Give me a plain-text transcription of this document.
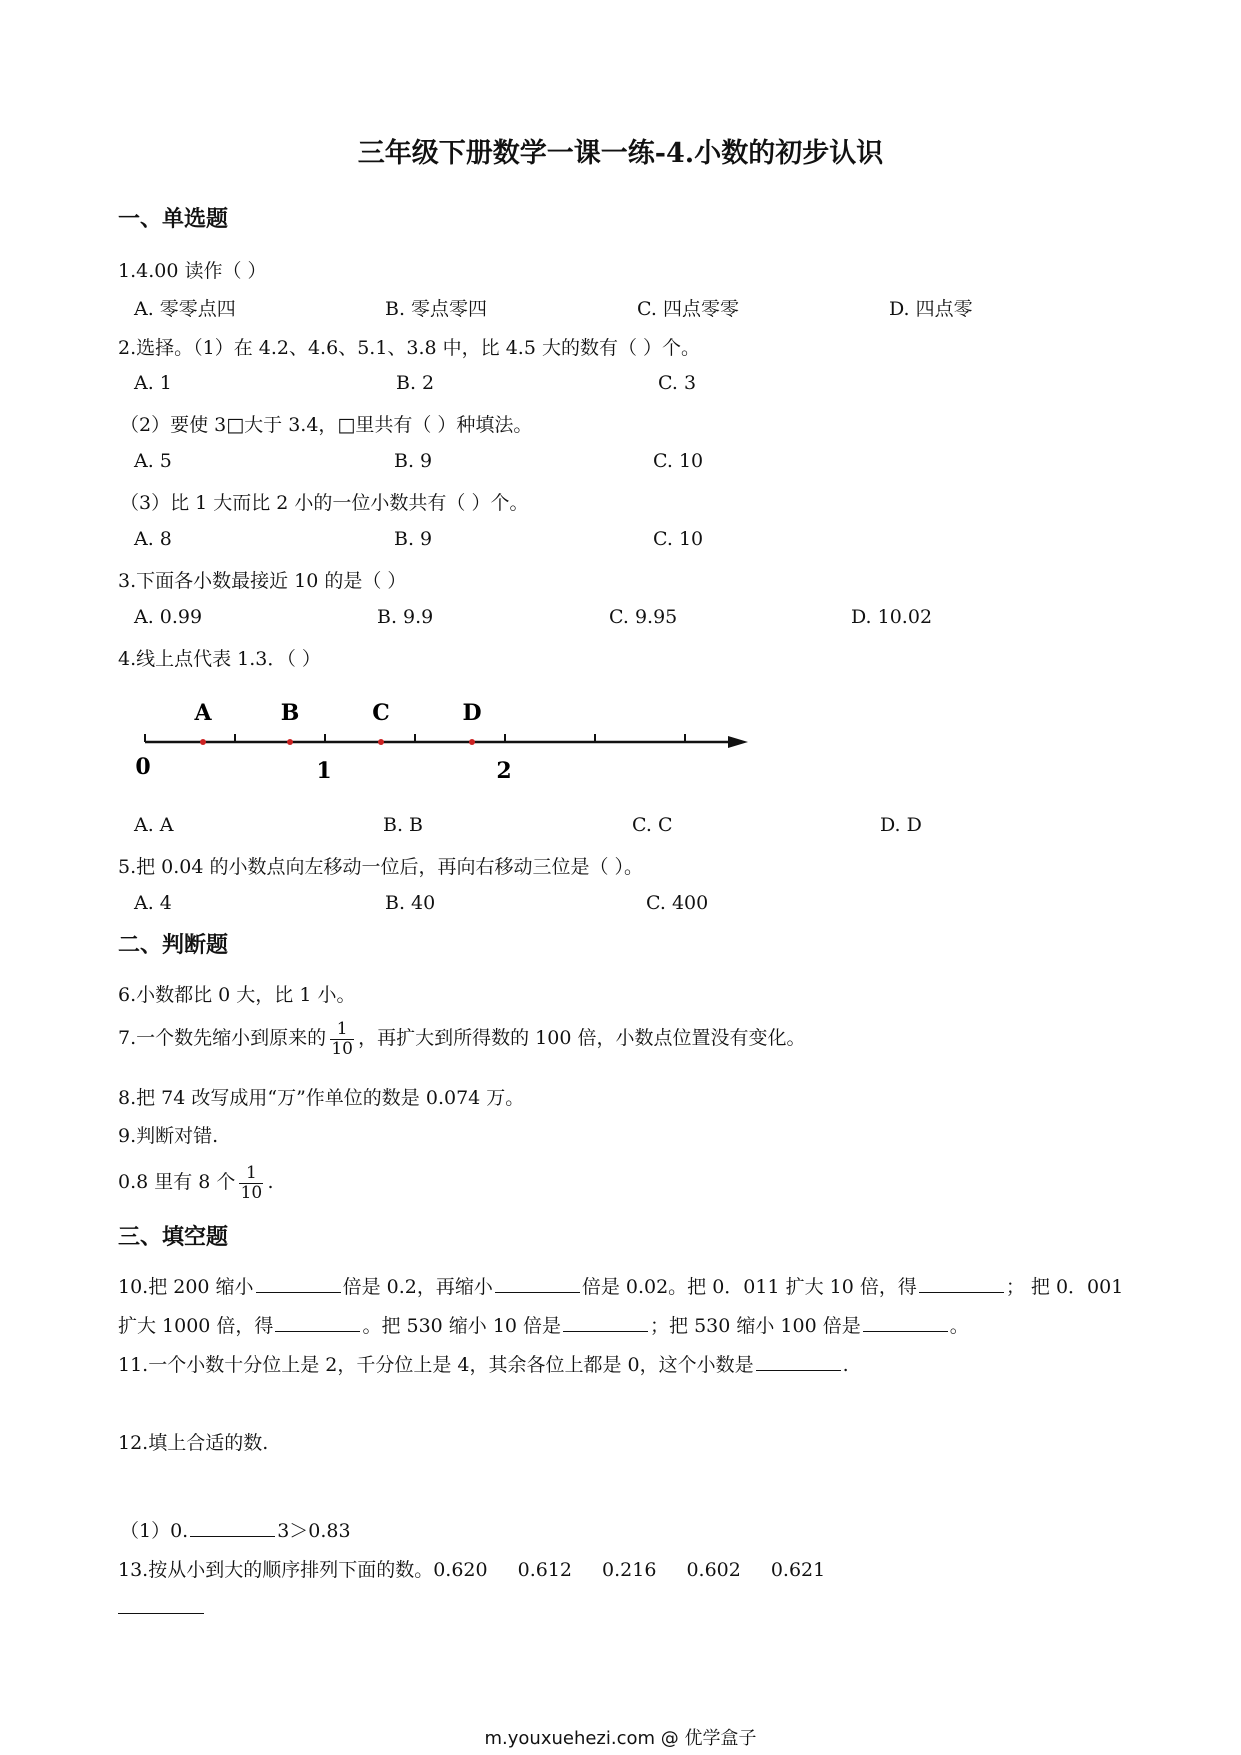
三年级下册数学一课一练-4.小数的初步认识
一、单选题
1.4.00 读作（ ）
A. 零零点四	B. 零点零四	C. 四点零零	D. 四点零
2.选择。（1）在 4.2、4.6、5.1、3.8 中，比 4.5 大的数有（ ）个。
A. 1	B. 2	C. 3
（2）要使 3□大于 3.4，□里共有（ ）种填法。
A. 5	B. 9	C. 10
（3）比 1 大而比 2 小的一位小数共有（ ）个。
A. 8	B. 9	C. 10
3.下面各小数最接近 10 的是（ ）
A. 0.99	B. 9.9	C. 9.95	D. 10.02
4.线上点代表 1.3．（ ）
A	B	C	D
0	1	2
A. A	B. B	C. C	D. D
5.把 0.04 的小数点向左移动一位后，再向右移动三位是（ ）。
A. 4	B. 40	C. 400
二、判断题
6.小数都比 0 大，比 1 小。
7.一个数先缩小到原来的 $\frac{1}{10}$ ，再扩大到所得数的 100 倍，小数点位置没有变化。
8.把 74 改写成用“万”作单位的数是 0.074 万。
9.判断对错.
0.8 里有 8 个 $\frac{1}{10}$ .
三、填空题
10.把 200 缩小	倍是 0.2，再缩小	倍是 0.02。把 0．011 扩大 10 倍，得	； 把 0．001
扩大 1000 倍，得	。把 530 缩小 10 倍是	；把 530 缩小 100 倍是	。
11.一个小数十分位上是 2，千分位上是 4，其余各位上都是 0，这个小数是	.
12.填上合适的数.
（1）0.	3＞0.83
13.按从小到大的顺序排列下面的数。0.620 0.612 0.216 0.602 0.621
m.youxuehezi.com @ 优学盒子
